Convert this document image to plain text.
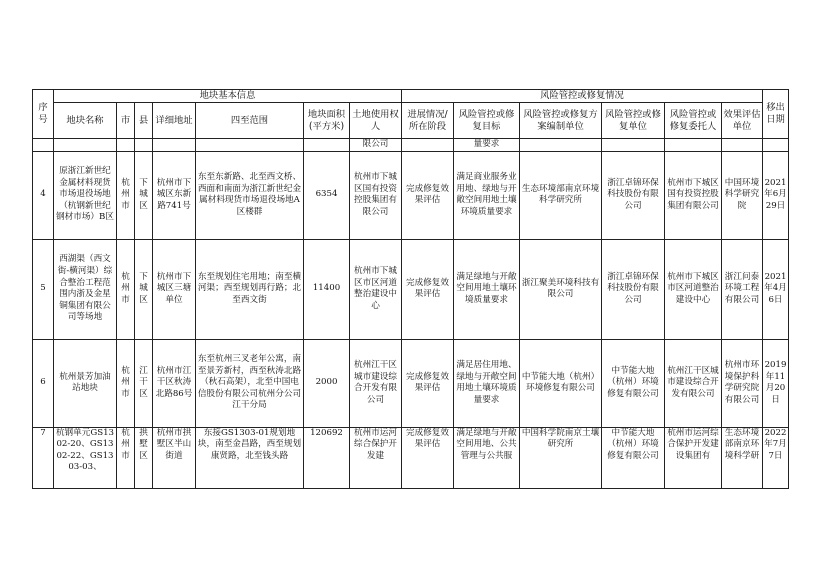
序号	地块基本信息							风险管控或修复情况						移出日期
	地块名称	市	县	详细地址	四至范围	地块面积(平方米)	土地使用权人	进展情况/所在阶段	风险管控或修复目标	风险管控或修复方案编制单位	风险管控或修复单位	风险管控或修复委托人	效果评估单位	
							限公司		量要求					
4	原浙江新世纪金属材料现货市场退役场地（杭钢新世纪钢材市场）B区	杭州市	下城区	杭州市下城区东新路741号	东至东新路、北至西文桥、西面和南面为浙江新世纪金属材料现货市场退役场地A区楼群	6354	杭州市下城区国有投资控股集团有限公司	完成修复效果评估	满足商业服务业用地、绿地与开敞空间用地土壤环境质量要求	生态环境部南京环境科学研究所	浙江卓锦环保科技股份有限公司	杭州市下城区国有投资控股集团有限公司	中国环境科学研究院	2021年6月29日
5	西湖渠（西文街-横河渠）综合整治工程范围内浙及金星铜集团有限公司等场地	杭州市	下城区	杭州市下城区三塘单位	东至规划住宅用地；南至横河渠；西至规划再行路；北至西文街	11400	杭州市下城区市区河道整治建设中心	完成修复效果评估	满足绿地与开敞空间用地土壤环境质量要求	浙江聚美环境科技有限公司	浙江卓锦环保科技股份有限公司	杭州市下城区市区河道整治建设中心	浙江问泰环境工程有限公司	2021年4月6日
6	杭州景芳加油站地块	杭州市	江干区	杭州市江干区秋涛北路86号	东至杭州三叉老年公寓，南至景芳新村，西至秋涛北路（秋石高架），北至中国电信股份有限公司杭州分公司江干分局	2000	杭州江干区城市建设综合开发有限公司	完成修复效果评估	满足居住用地、绿地与开敞空间用地土壤环境质量要求	中节能大地（杭州）环境修复有限公司	中节能大地（杭州）环境修复有限公司	杭州江干区城市建设综合开发有限公司	杭州市环境保护科学研究院有限公司	2019年11月20日
7	杭钢单元GS1302-20、GS1302-22、GS1303-03、	杭州市	拱墅区	杭州市拱墅区半山街道	东接GS1303-01规划地块，南至金昌路，西至规划康贤路，北至钱头路	120692	杭州市运河综合保护开发建	完成修复效果评估	满足绿地与开敞空间用地、公共管理与公共服	中国科学院南京土壤研究所	中节能大地（杭州）环境修复有限公司	杭州市运河综合保护开发建设集团有	生态环境部南京环境科学研	2022年7月7日
